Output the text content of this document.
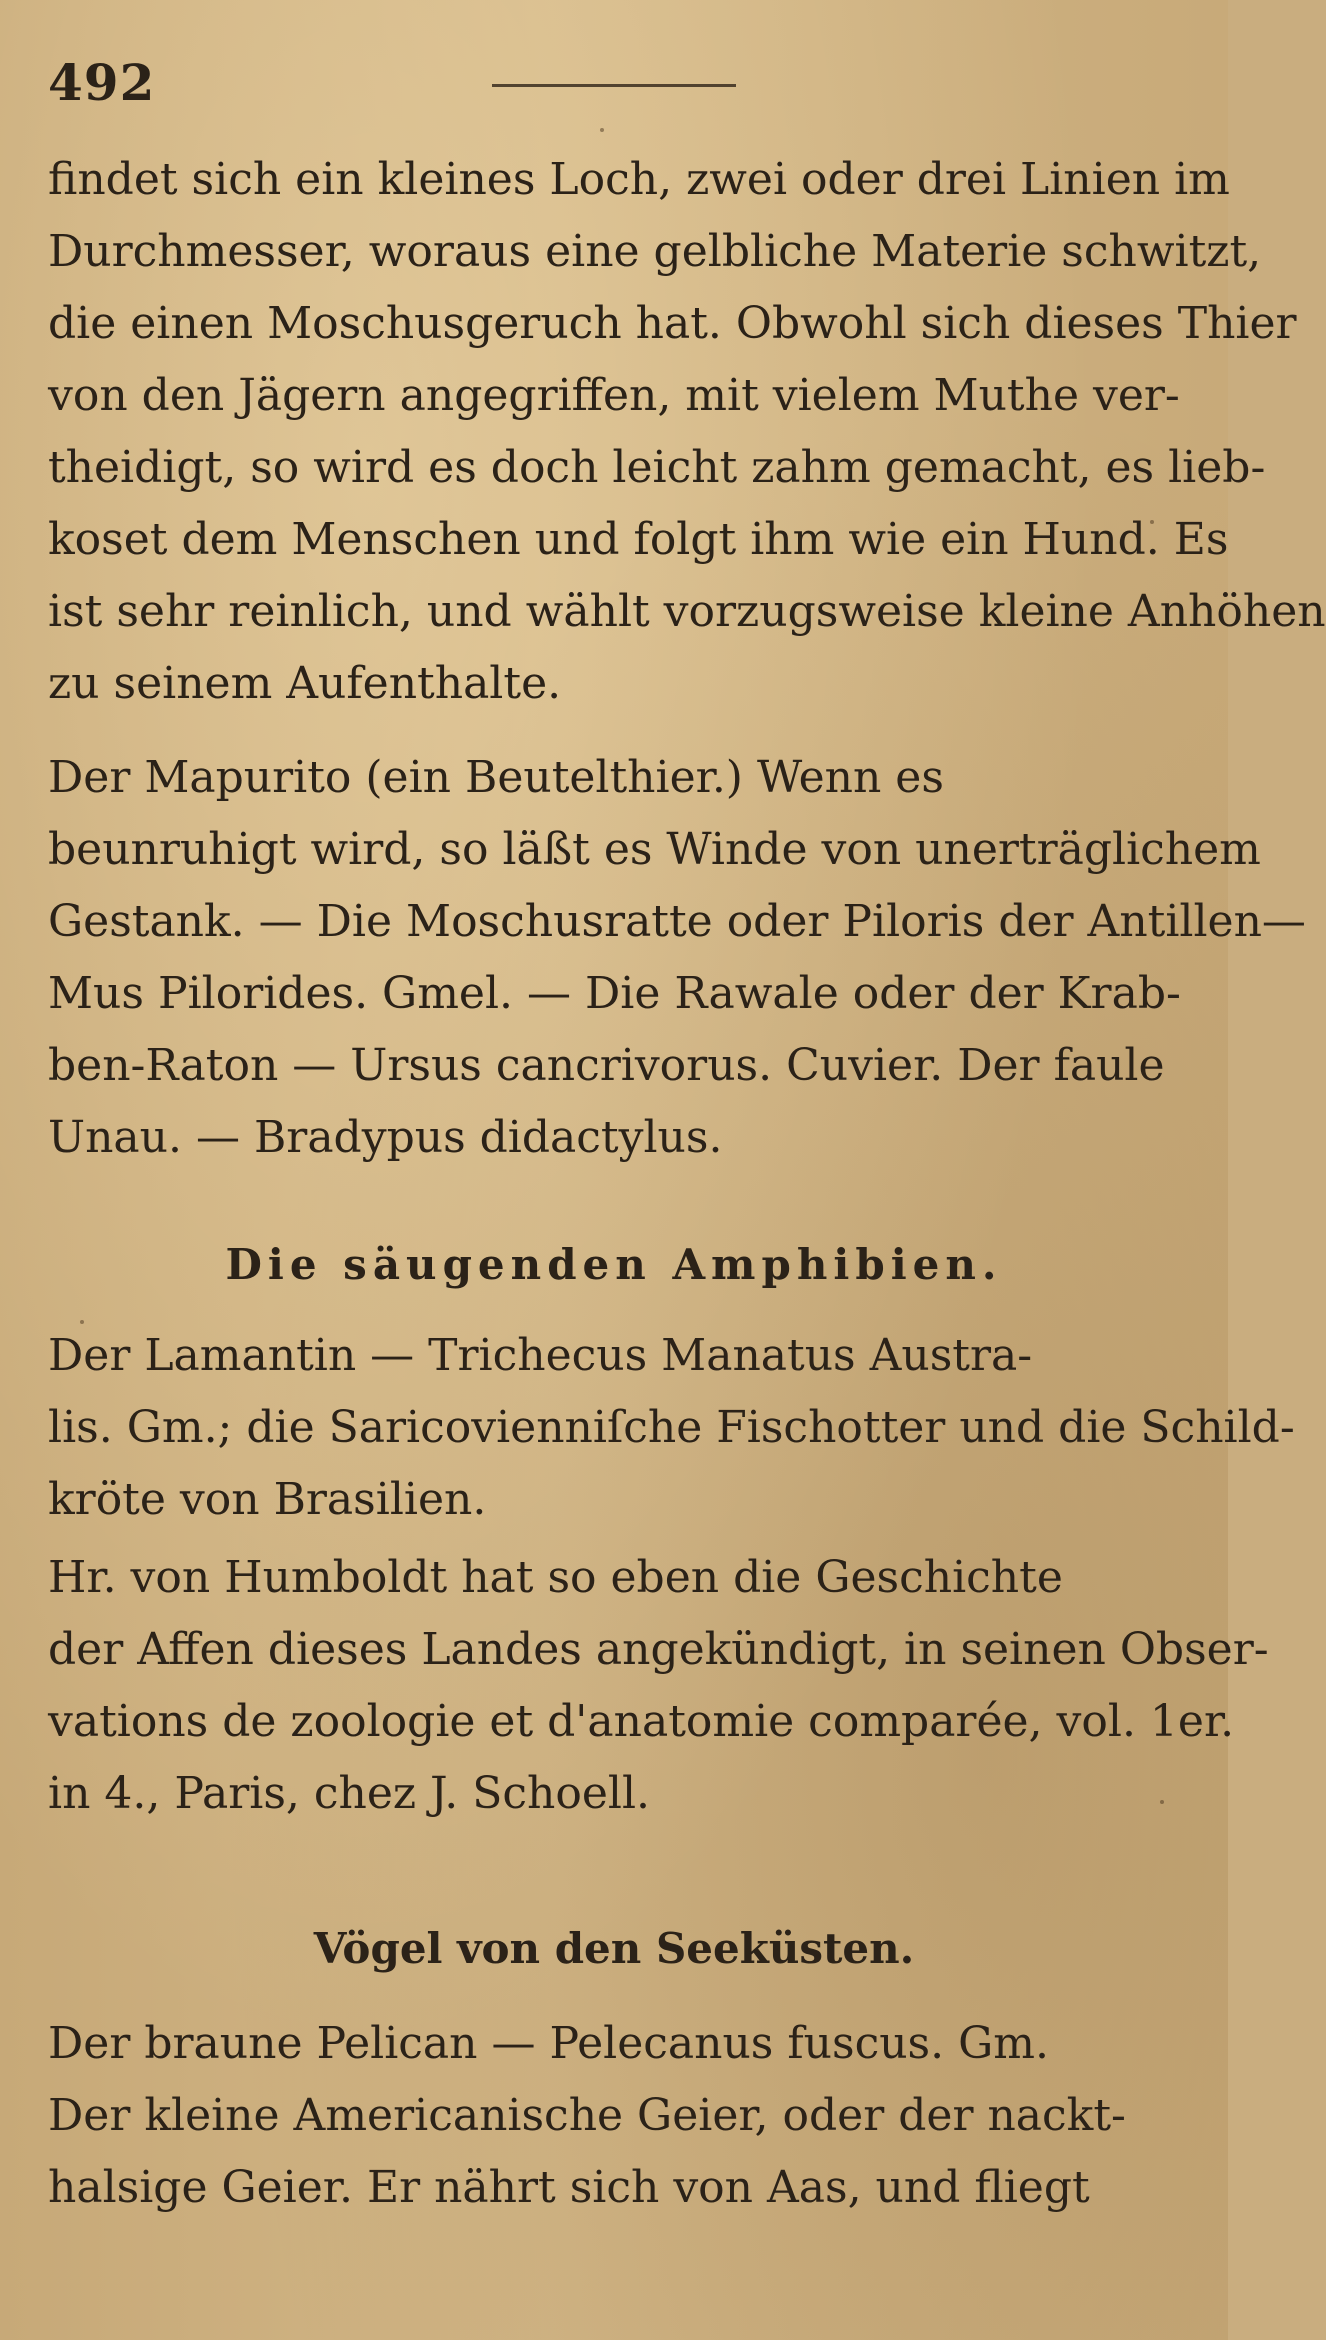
492

findet sich ein kleines Loch, zwei oder drei Linien im
Durchmesser, woraus eine gelbliche Materie schwitzt,
die einen Moschusgeruch hat. Obwohl sich dieses Thier
von den Jägern angegriffen, mit vielem Muthe ver-
theidigt, so wird es doch leicht zahm gemacht, es lieb-
koset dem Menschen und folgt ihm wie ein Hund. Es
ist sehr reinlich, und wählt vorzugsweise kleine Anhöhen
zu seinem Aufenthalte.

Der Mapurito (ein Beutelthier.) Wenn es
beunruhigt wird, so läßt es Winde von unerträglichem
Gestank. — Die Moschusratte oder Piloris der Antillen—
Mus Pilorides. Gmel. — Die Rawale oder der Krab-
ben-Raton — Ursus cancrivorus. Cuvier. Der faule
Unau. — Bradypus didactylus.

Die säugenden Amphibien.

Der Lamantin — Trichecus Manatus Austra-
lis. Gm.; die Saricovienniſche Fischotter und die Schild-
kröte von Brasilien.

Hr. von Humboldt hat so eben die Geschichte
der Affen dieses Landes angekündigt, in seinen Obser-
vations de zoologie et d'anatomie comparée, vol. 1er.
in 4., Paris, chez J. Schoell.

Vögel von den Seeküsten.

Der braune Pelican — Pelecanus fuscus. Gm.
Der kleine Americanische Geier, oder der nackt-
halsige Geier. Er nährt sich von Aas, und fliegt
